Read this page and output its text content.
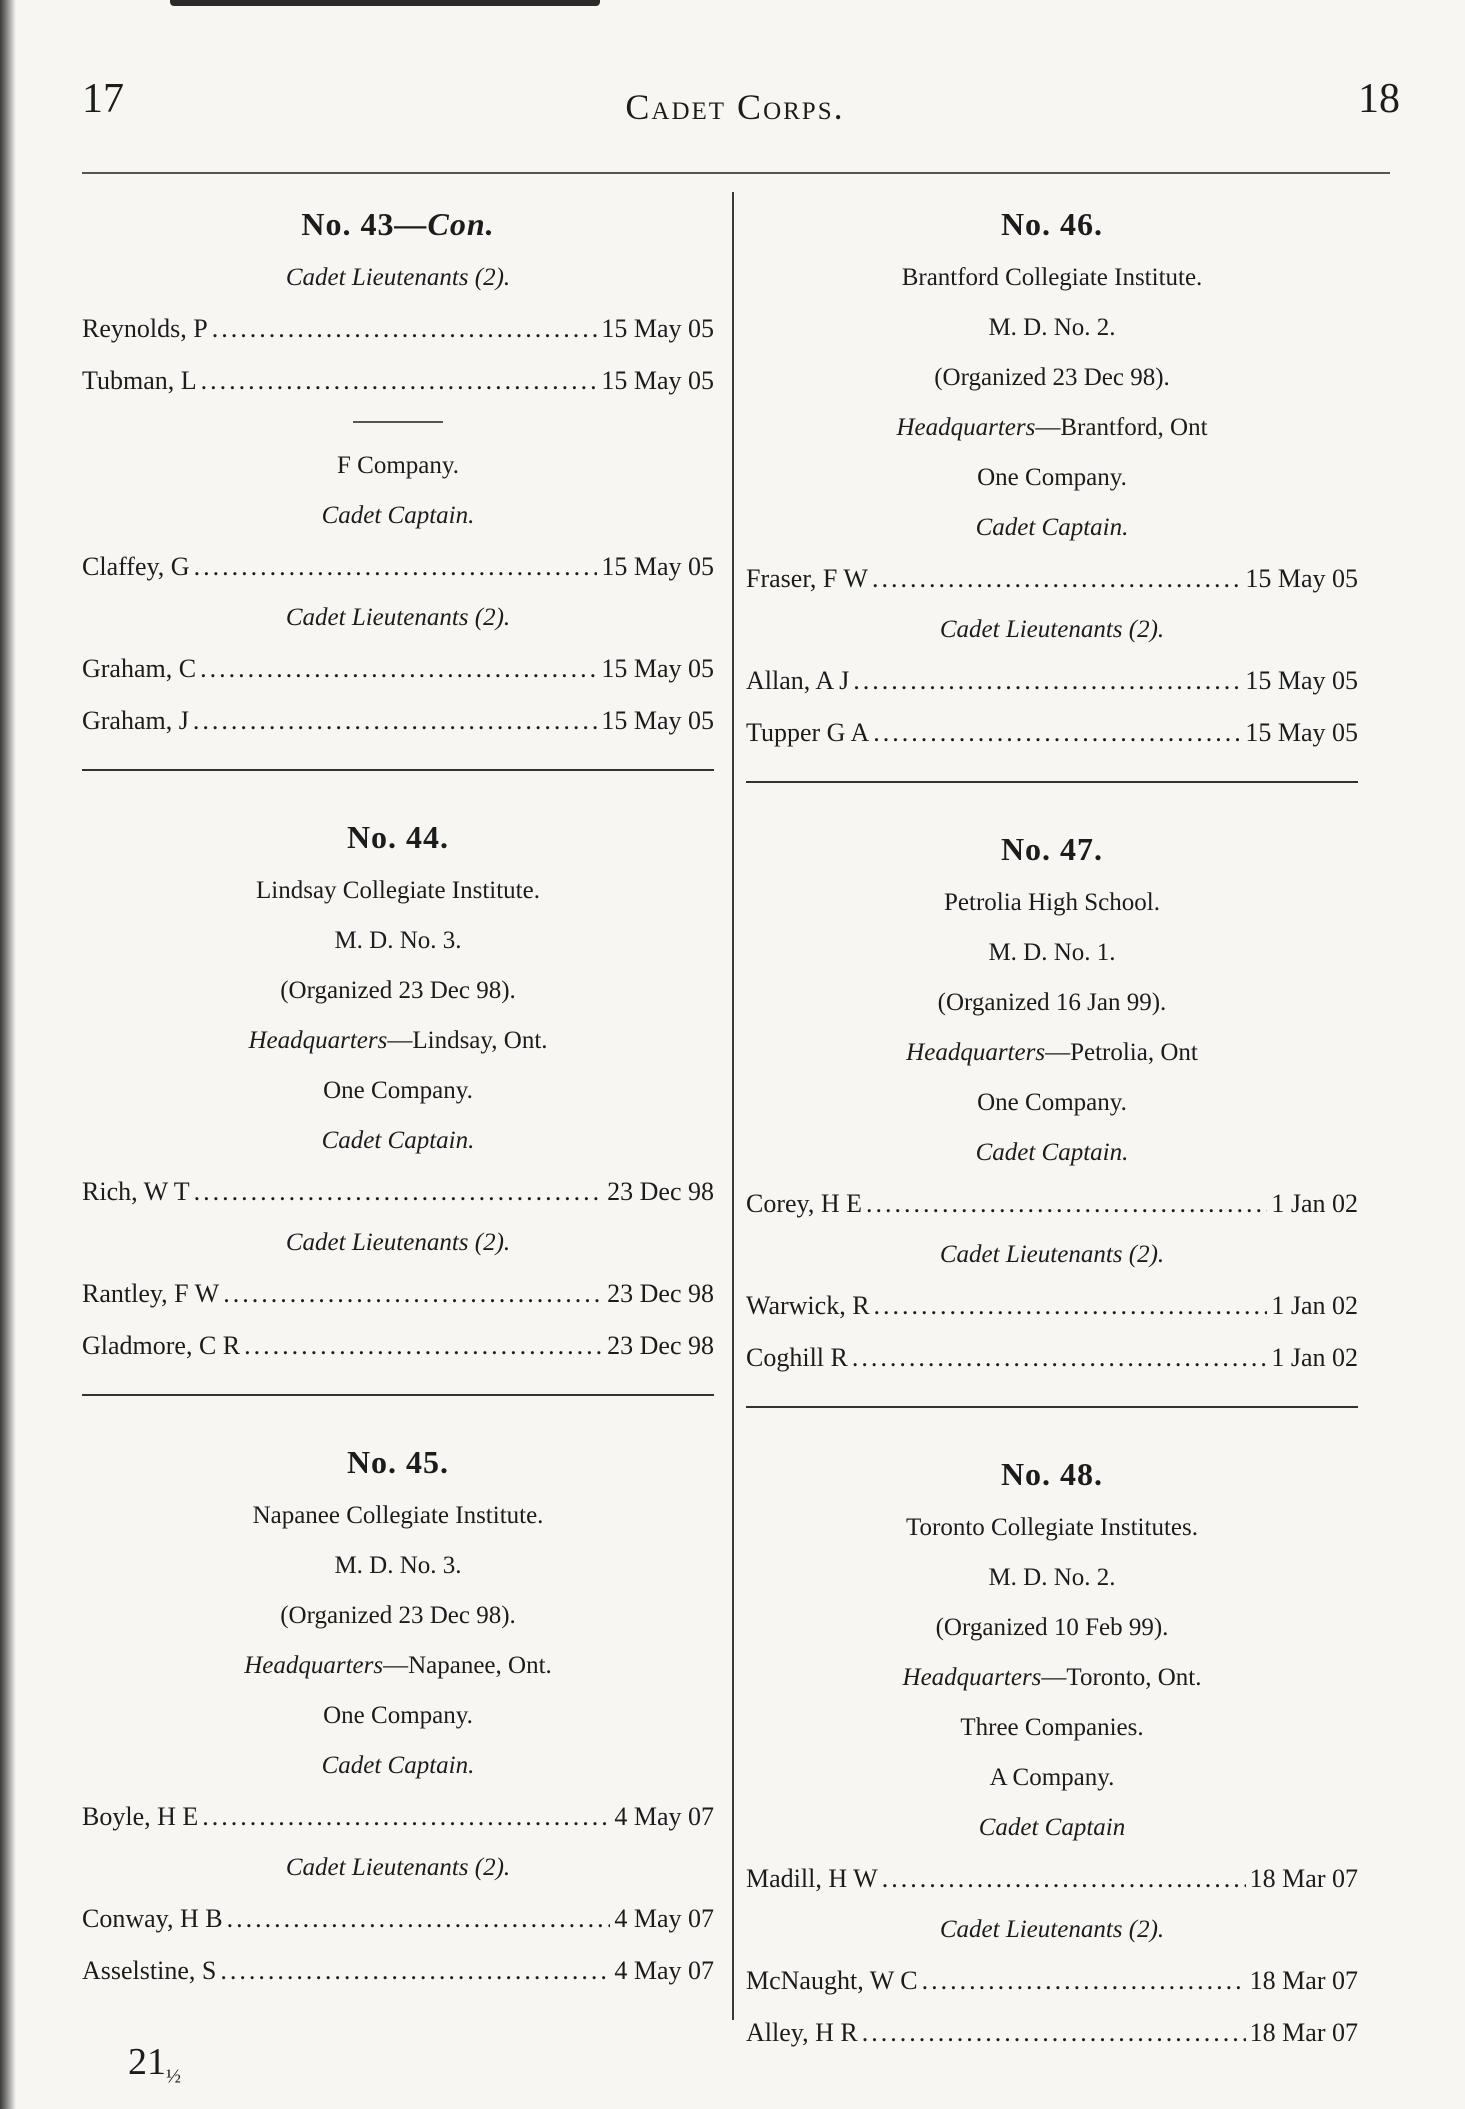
17	Cadet Corps.	18
No. 43—Con.
Cadet Lieutenants (2).
Reynolds, P .....	15 May 05
Tubman, L .....	15 May 05
F Company.
Cadet Captain.
Claffey, G .....	15 May 05
Cadet Lieutenants (2).
Graham, C .....	15 May 05
Graham, J .....	15 May 05
No. 44.
Lindsay Collegiate Institute.
M. D. No. 3.
(Organized 23 Dec 98).
Headquarters—Lindsay, Ont.
One Company.
Cadet Captain.
Rich, W T .....	23 Dec 98
Cadet Lieutenants (2).
Rantley, F W .....	23 Dec 98
Gladmore, C R .....	23 Dec 98
No. 45.
Napanee Collegiate Institute.
M. D. No. 3.
(Organized 23 Dec 98).
Headquarters—Napanee, Ont.
One Company.
Cadet Captain.
Boyle, H E .....	4 May 07
Cadet Lieutenants (2).
Conway, H B .....	4 May 07
Asselstine, S .....	4 May 07
No. 46.
Brantford Collegiate Institute.
M. D. No. 2.
(Organized 23 Dec 98).
Headquarters—Brantford, Ont
One Company.
Cadet Captain.
Fraser, F W .....	15 May 05
Cadet Lieutenants (2).
Allan, A J .....	15 May 05
Tupper G A .....	15 May 05
No. 47.
Petrolia High School.
M. D. No. 1.
(Organized 16 Jan 99).
Headquarters—Petrolia, Ont
One Company.
Cadet Captain.
Corey, H E .....	1 Jan 02
Cadet Lieutenants (2).
Warwick, R .....	1 Jan 02
Coghill R .....	1 Jan 02
No. 48.
Toronto Collegiate Institutes.
M. D. No. 2.
(Organized 10 Feb 99).
Headquarters—Toronto, Ont.
Three Companies.
A Company.
Cadet Captain
Madill, H W .....	18 Mar 07
Cadet Lieutenants (2).
McNaught, W C .....	18 Mar 07
Alley, H R .....	18 Mar 07
$21_{\frac{1}{2}}$
